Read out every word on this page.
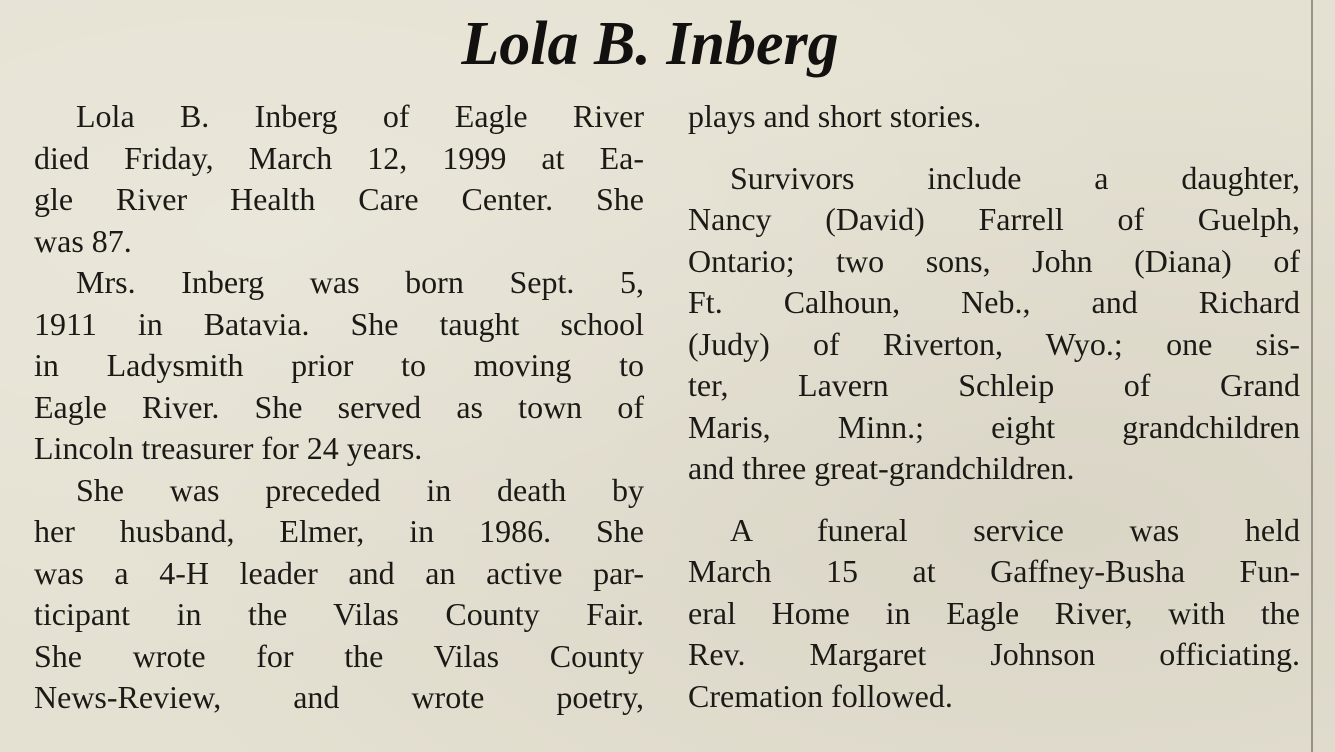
Lola B. Inberg
Lola B. Inberg of Eagle River
died Friday, March 12, 1999 at Ea-
gle River Health Care Center. She
was 87.
Mrs. Inberg was born Sept. 5,
1911 in Batavia. She taught school
in Ladysmith prior to moving to
Eagle River. She served as town of
Lincoln treasurer for 24 years.
She was preceded in death by
her husband, Elmer, in 1986. She
was a 4-H leader and an active par-
ticipant in the Vilas County Fair.
She wrote for the Vilas County
News-Review, and wrote poetry,
plays and short stories.
Survivors include a daughter,
Nancy (David) Farrell of Guelph,
Ontario; two sons, John (Diana) of
Ft. Calhoun, Neb., and Richard
(Judy) of Riverton, Wyo.; one sis-
ter, Lavern Schleip of Grand
Maris, Minn.; eight grandchildren
and three great-grandchildren.
A funeral service was held
March 15 at Gaffney-Busha Fun-
eral Home in Eagle River, with the
Rev. Margaret Johnson officiating.
Cremation followed.
